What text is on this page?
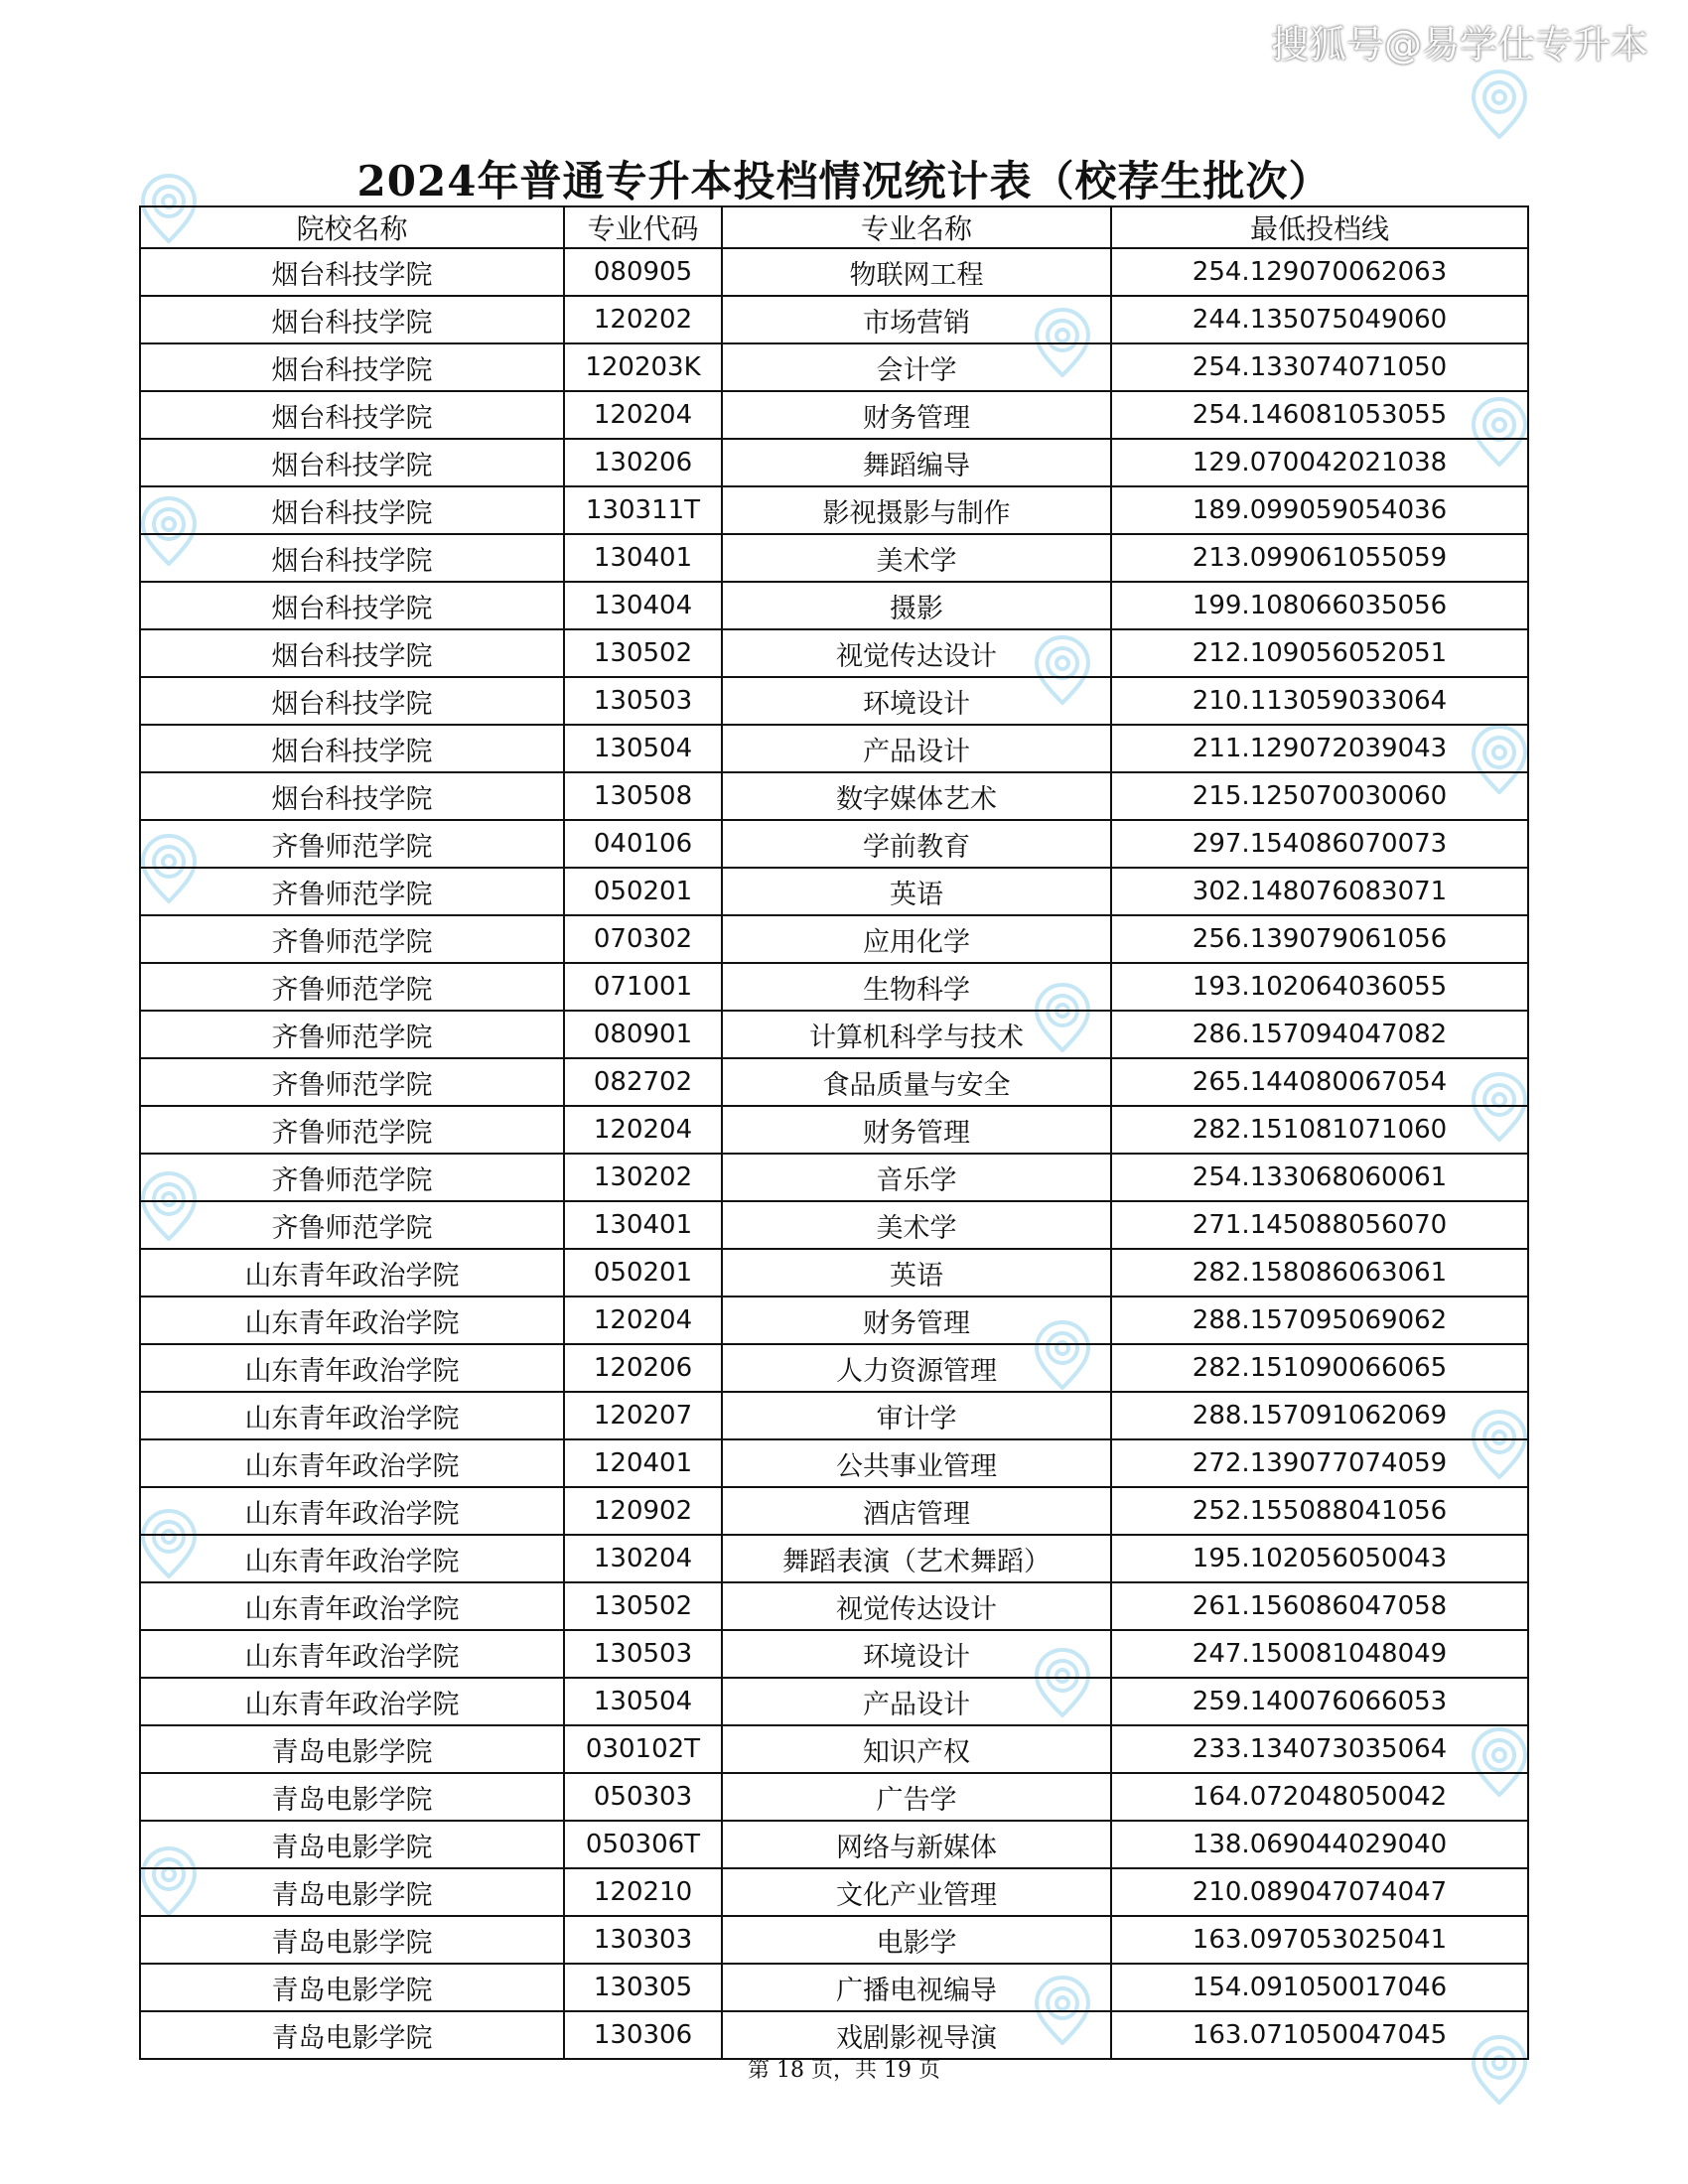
搜狐号@易学仕专升本
2024年普通专升本投档情况统计表（校荐生批次）
院校名称	专业代码	专业名称	最低投档线
烟台科技学院	080905	物联网工程	254.129070062063
烟台科技学院	120202	市场营销	244.135075049060
烟台科技学院	120203K	会计学	254.133074071050
烟台科技学院	120204	财务管理	254.146081053055
烟台科技学院	130206	舞蹈编导	129.070042021038
烟台科技学院	130311T	影视摄影与制作	189.099059054036
烟台科技学院	130401	美术学	213.099061055059
烟台科技学院	130404	摄影	199.108066035056
烟台科技学院	130502	视觉传达设计	212.109056052051
烟台科技学院	130503	环境设计	210.113059033064
烟台科技学院	130504	产品设计	211.129072039043
烟台科技学院	130508	数字媒体艺术	215.125070030060
齐鲁师范学院	040106	学前教育	297.154086070073
齐鲁师范学院	050201	英语	302.148076083071
齐鲁师范学院	070302	应用化学	256.139079061056
齐鲁师范学院	071001	生物科学	193.102064036055
齐鲁师范学院	080901	计算机科学与技术	286.157094047082
齐鲁师范学院	082702	食品质量与安全	265.144080067054
齐鲁师范学院	120204	财务管理	282.151081071060
齐鲁师范学院	130202	音乐学	254.133068060061
齐鲁师范学院	130401	美术学	271.145088056070
山东青年政治学院	050201	英语	282.158086063061
山东青年政治学院	120204	财务管理	288.157095069062
山东青年政治学院	120206	人力资源管理	282.151090066065
山东青年政治学院	120207	审计学	288.157091062069
山东青年政治学院	120401	公共事业管理	272.139077074059
山东青年政治学院	120902	酒店管理	252.155088041056
山东青年政治学院	130204	舞蹈表演（艺术舞蹈）	195.102056050043
山东青年政治学院	130502	视觉传达设计	261.156086047058
山东青年政治学院	130503	环境设计	247.150081048049
山东青年政治学院	130504	产品设计	259.140076066053
青岛电影学院	030102T	知识产权	233.134073035064
青岛电影学院	050303	广告学	164.072048050042
青岛电影学院	050306T	网络与新媒体	138.069044029040
青岛电影学院	120210	文化产业管理	210.089047074047
青岛电影学院	130303	电影学	163.097053025041
青岛电影学院	130305	广播电视编导	154.091050017046
青岛电影学院	130306	戏剧影视导演	163.071050047045
第 18 页，共 19 页
